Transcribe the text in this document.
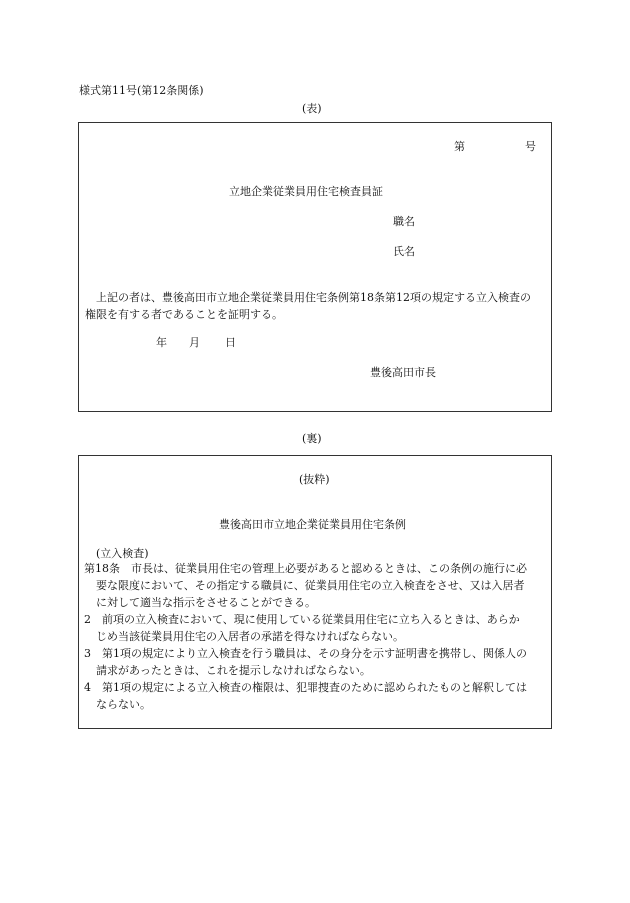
様式第11号(第12条関係)
(表)
第	号
立地企業従業員用住宅検査員証
職名
氏名
上記の者は、豊後高田市立地企業従業員用住宅条例第18条第12項の規定する立入検査の
権限を有する者であることを証明する。
年 月 日
豊後高田市長
(裏)
(抜粋)
豊後高田市立地企業従業員用住宅条例
(立入検査)
第18条　市長は、従業員用住宅の管理上必要があると認めるときは、この条例の施行に必
要な限度において、その指定する職員に、従業員用住宅の立入検査をさせ、又は入居者
に対して適当な指示をさせることができる。
2　前項の立入検査において、現に使用している従業員用住宅に立ち入るときは、あらか
じめ当該従業員用住宅の入居者の承諾を得なければならない。
3　第1項の規定により立入検査を行う職員は、その身分を示す証明書を携帯し、関係人の
請求があったときは、これを提示しなければならない。
4　第1項の規定による立入検査の権限は、犯罪捜査のために認められたものと解釈しては
ならない。
